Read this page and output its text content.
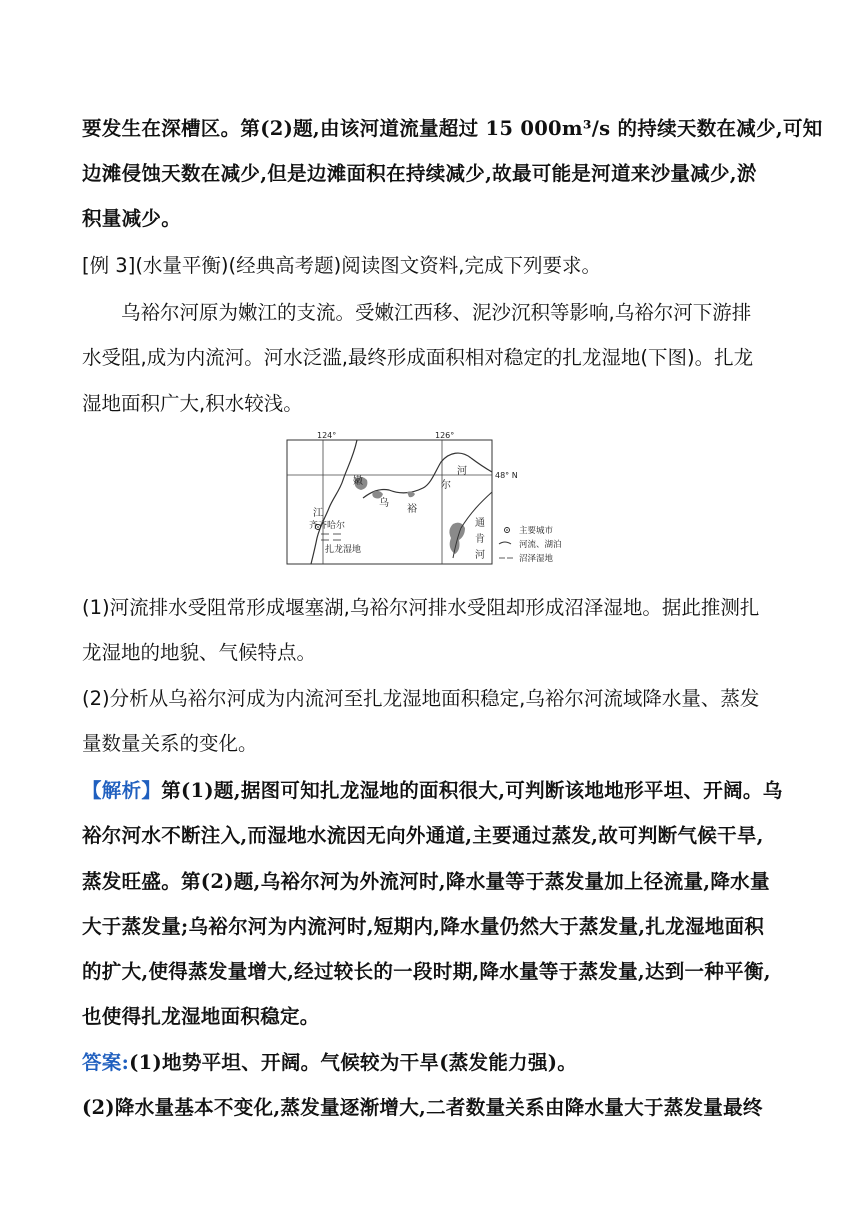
要发生在深槽区。第(2)题,由该河道流量超过 15 000m³/s 的持续天数在减少,可知
边滩侵蚀天数在减少,但是边滩面积在持续减少,故最可能是河道来沙量减少,淤
积量减少。
[例 3](水量平衡)(经典高考题)阅读图文资料,完成下列要求。
乌裕尔河原为嫩江的支流。受嫩江西移、泥沙沉积等影响,乌裕尔河下游排
水受阻,成为内流河。河水泛滥,最终形成面积相对稳定的扎龙湿地(下图)。扎龙
湿地面积广大,积水较浅。
124°	126°
48° N
嫩
江
乌
裕
尔
河
齐齐哈尔
扎龙湿地
通
肯
河
主要城市
河流、湖泊
沼泽湿地
(1)河流排水受阻常形成堰塞湖,乌裕尔河排水受阻却形成沼泽湿地。据此推测扎
龙湿地的地貌、气候特点。
(2)分析从乌裕尔河成为内流河至扎龙湿地面积稳定,乌裕尔河流域降水量、蒸发
量数量关系的变化。
【解析】第(1)题,据图可知扎龙湿地的面积很大,可判断该地地形平坦、开阔。乌
裕尔河水不断注入,而湿地水流因无向外通道,主要通过蒸发,故可判断气候干旱,
蒸发旺盛。第(2)题,乌裕尔河为外流河时,降水量等于蒸发量加上径流量,降水量
大于蒸发量;乌裕尔河为内流河时,短期内,降水量仍然大于蒸发量,扎龙湿地面积
的扩大,使得蒸发量增大,经过较长的一段时期,降水量等于蒸发量,达到一种平衡,
也使得扎龙湿地面积稳定。
答案:(1)地势平坦、开阔。气候较为干旱(蒸发能力强)。
(2)降水量基本不变化,蒸发量逐渐增大,二者数量关系由降水量大于蒸发量最终
